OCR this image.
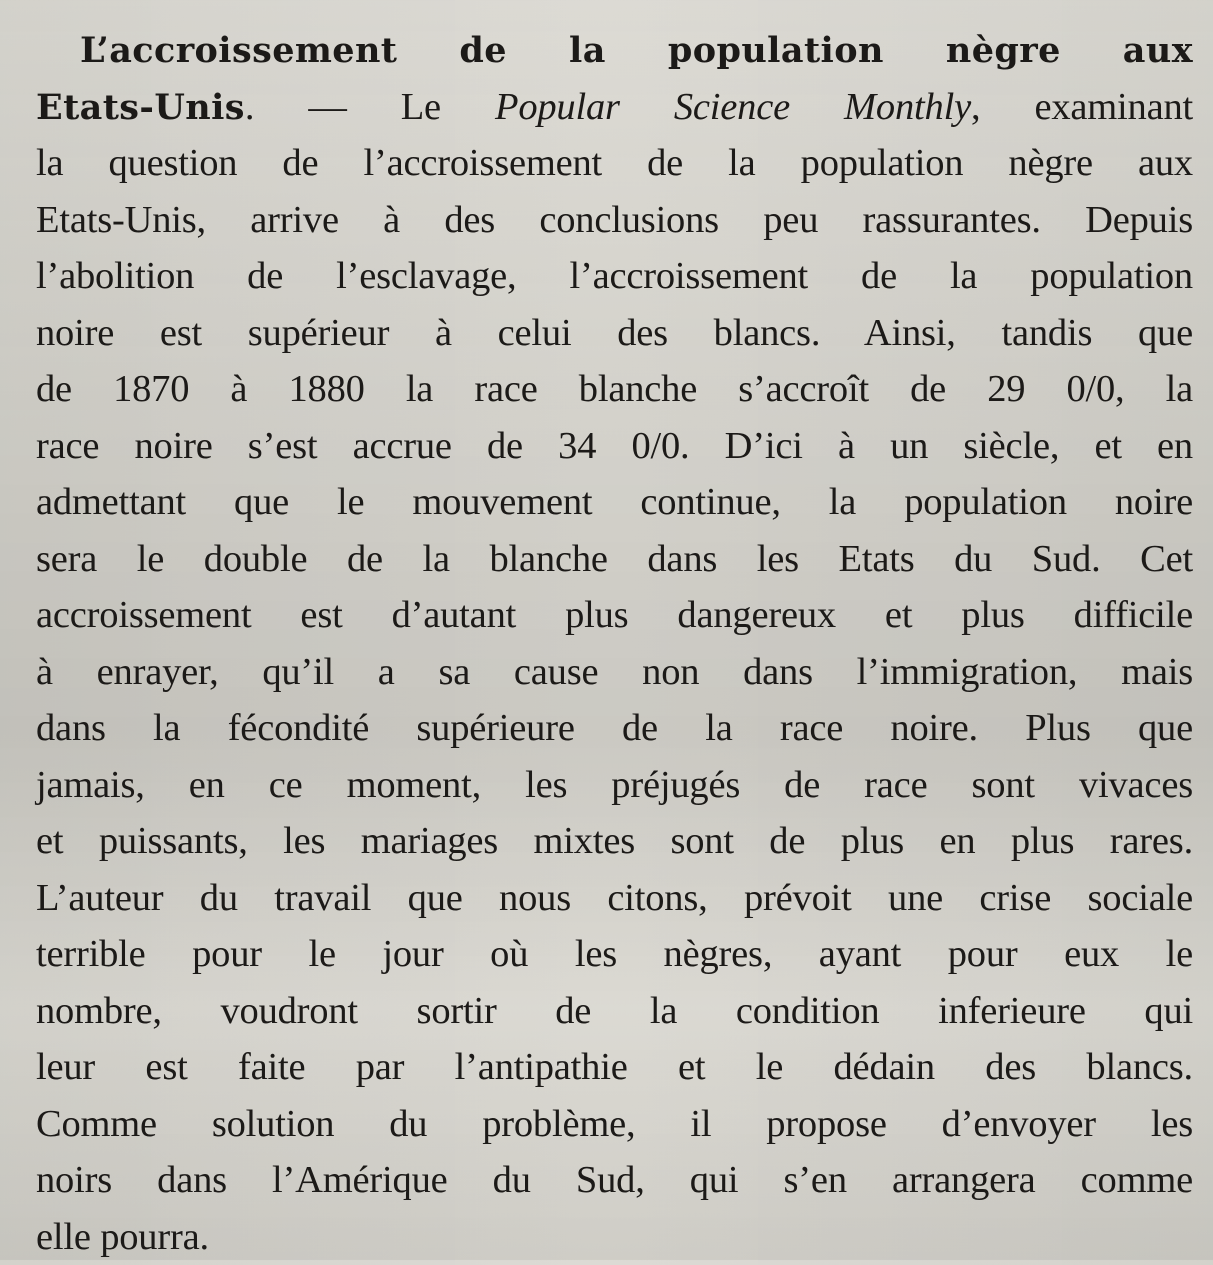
L’accroissement de la population nègre aux
Etats-Unis. — Le Popular Science Monthly, examinant
la question de l’accroissement de la population nègre aux
Etats-Unis, arrive à des conclusions peu rassurantes. Depuis
l’abolition de l’esclavage, l’accroissement de la population
noire est supérieur à celui des blancs. Ainsi, tandis que
de 1870 à 1880 la race blanche s’accroît de 29 0/0, la
race noire s’est accrue de 34 0/0. D’ici à un siècle, et en
admettant que le mouvement continue, la population noire
sera le double de la blanche dans les Etats du Sud. Cet
accroissement est d’autant plus dangereux et plus difficile
à enrayer, qu’il a sa cause non dans l’immigration, mais
dans la fécondité supérieure de la race noire. Plus que
jamais, en ce moment, les préjugés de race sont vivaces
et puissants, les mariages mixtes sont de plus en plus rares.
L’auteur du travail que nous citons, prévoit une crise sociale
terrible pour le jour où les nègres, ayant pour eux le
nombre, voudront sortir de la condition inferieure qui
leur est faite par l’antipathie et le dédain des blancs.
Comme solution du problème, il propose d’envoyer les
noirs dans l’Amérique du Sud, qui s’en arrangera comme
elle pourra.
